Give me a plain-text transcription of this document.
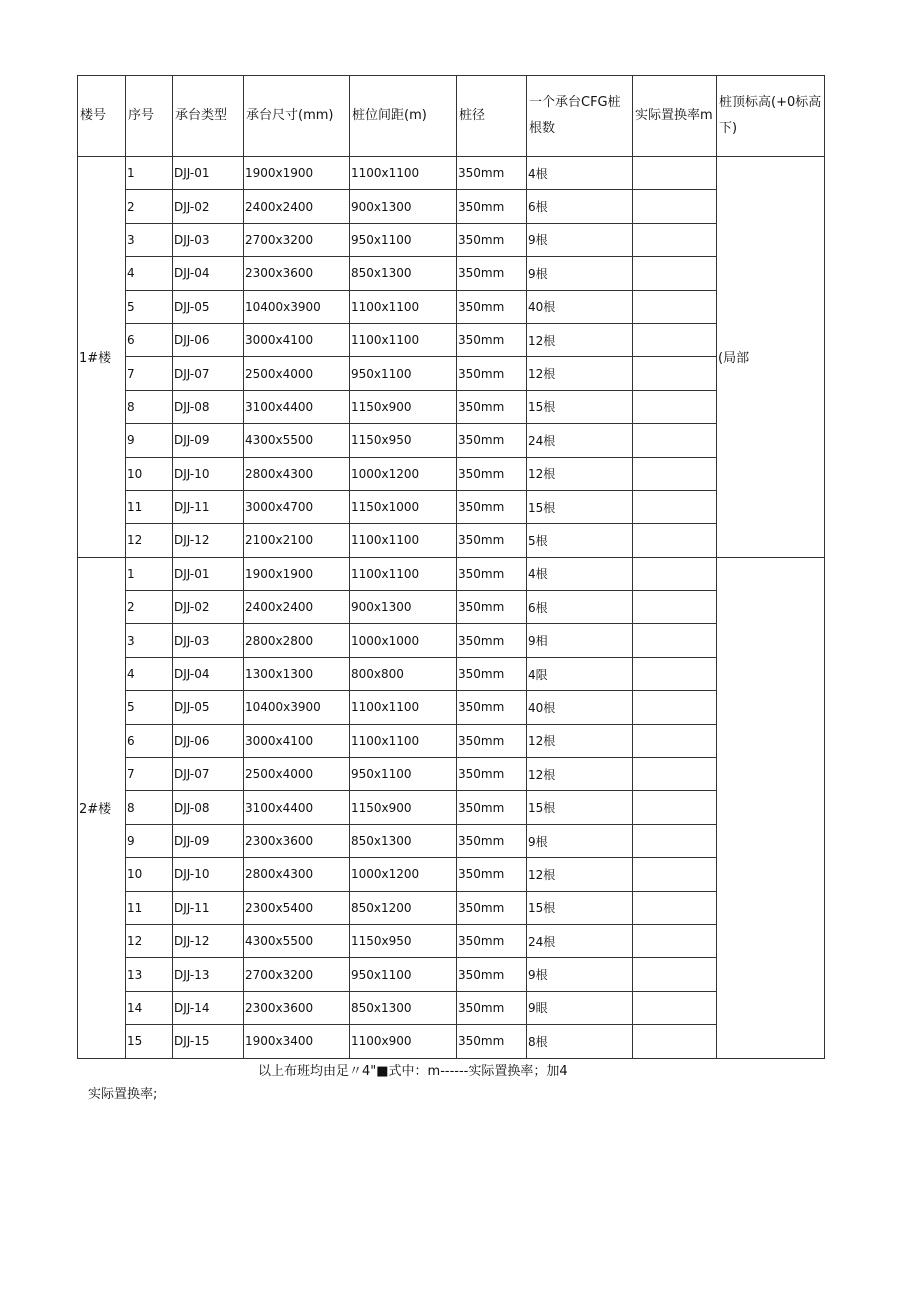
楼号	序号	承台类型	承台尺寸(mm)	桩位间距(m)	桩径	一个承台CFG桩根数	实际置换率m	桩顶标高(+0标高下)
1#楼	1	DJJ-01	1900x1900	1100x1100	350mm	4根		(局部
	2	DJJ-02	2400x2400	900x1300	350mm	6根		
	3	DJJ-03	2700x3200	950x1100	350mm	9根		
	4	DJJ-04	2300x3600	850x1300	350mm	9根		
	5	DJJ-05	10400x3900	1100x1100	350mm	40根		
	6	DJJ-06	3000x4100	1100x1100	350mm	12根		
	7	DJJ-07	2500x4000	950x1100	350mm	12根		
	8	DJJ-08	3100x4400	1150x900	350mm	15根		
	9	DJJ-09	4300x5500	1150x950	350mm	24根		
	10	DJJ-10	2800x4300	1000x1200	350mm	12根		
	11	DJJ-11	3000x4700	1150x1000	350mm	15根		
	12	DJJ-12	2100x2100	1100x1100	350mm	5根		
2#楼	1	DJJ-01	1900x1900	1100x1100	350mm	4根		
	2	DJJ-02	2400x2400	900x1300	350mm	6根		
	3	DJJ-03	2800x2800	1000x1000	350mm	9相		
	4	DJJ-04	1300x1300	800x800	350mm	4限		
	5	DJJ-05	10400x3900	1100x1100	350mm	40根		
	6	DJJ-06	3000x4100	1100x1100	350mm	12根		
	7	DJJ-07	2500x4000	950x1100	350mm	12根		
	8	DJJ-08	3100x4400	1150x900	350mm	15根		
	9	DJJ-09	2300x3600	850x1300	350mm	9根		
	10	DJJ-10	2800x4300	1000x1200	350mm	12根		
	11	DJJ-11	2300x5400	850x1200	350mm	15根		
	12	DJJ-12	4300x5500	1150x950	350mm	24根		
	13	DJJ-13	2700x3200	950x1100	350mm	9根		
	14	DJJ-14	2300x3600	850x1300	350mm	9眼		
	15	DJJ-15	1900x3400	1100x900	350mm	8根		
以上布班均由足〃4"■式中：m------实际置换率；加4
实际置换率;
